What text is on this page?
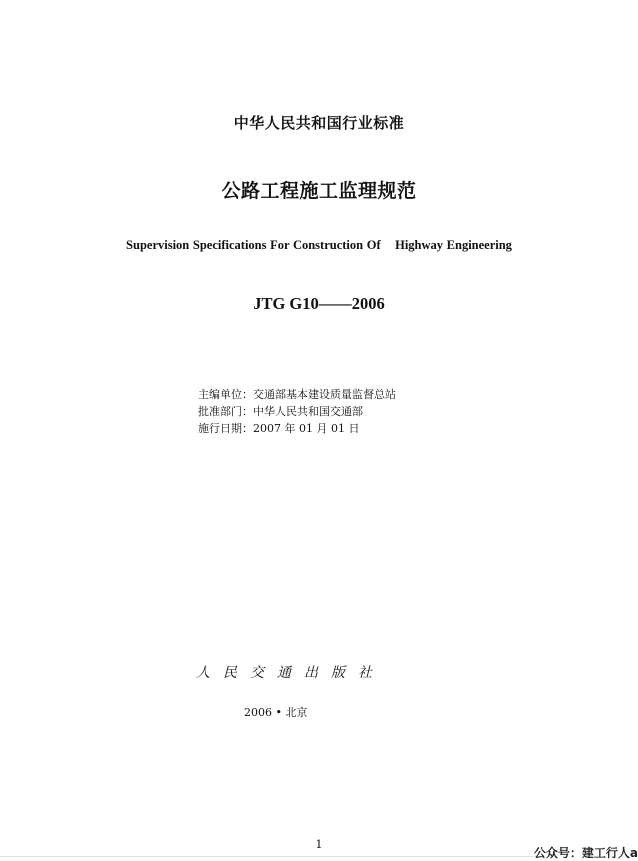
中华人民共和国行业标准
公路工程施工监理规范
Supervision Specifications For Construction Of    Highway Engineering
JTG G10——2006
主编单位：交通部基本建设质量监督总站
批准部门：中华人民共和国交通部
施行日期：2007 年 01 月 01 日
人民交通出版社
2006 • 北京
1
公众号：建工行人a
